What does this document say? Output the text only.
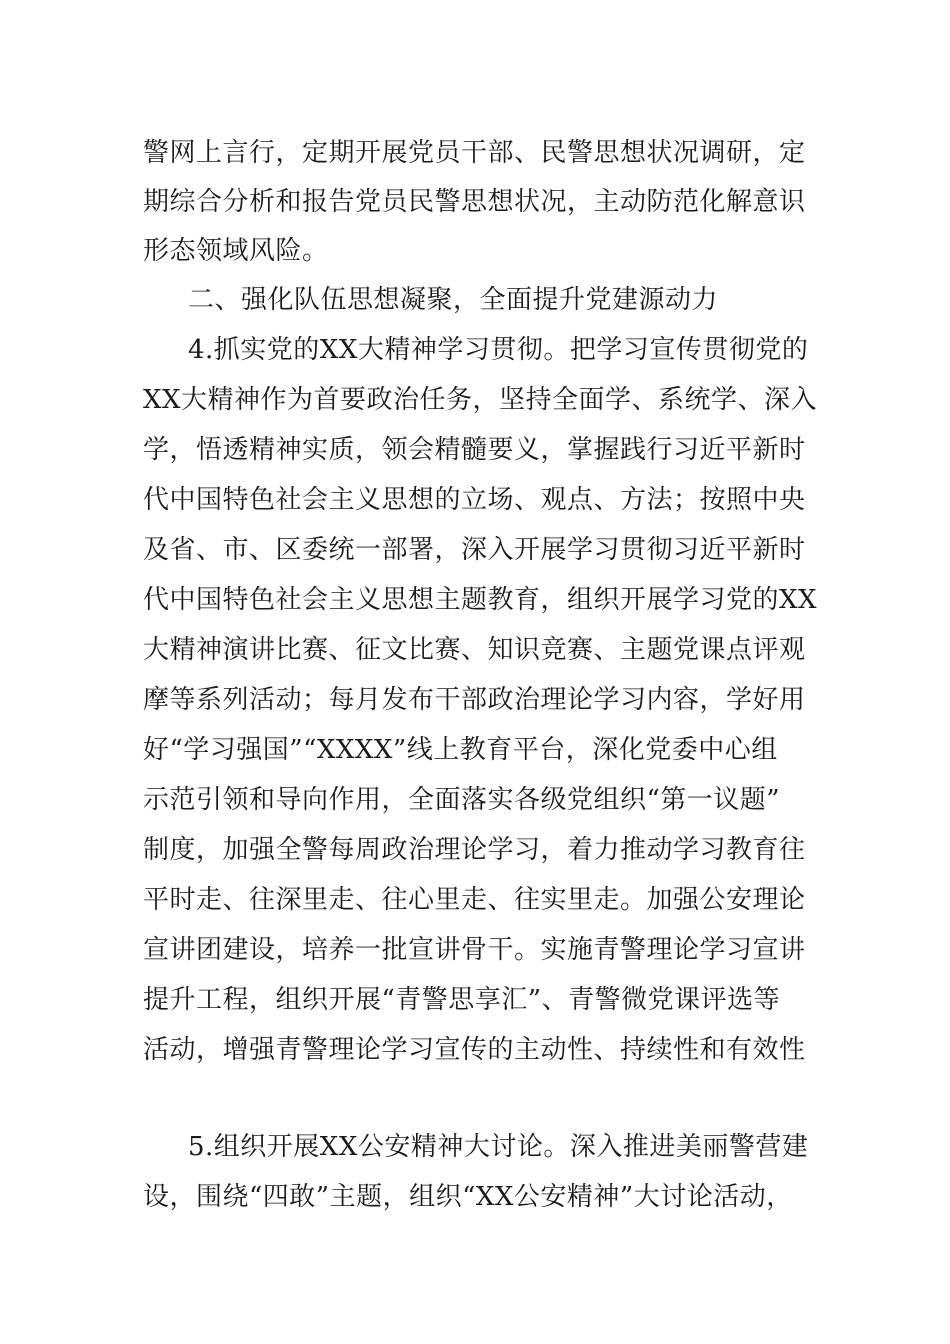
警网上言行，定期开展党员干部、民警思想状况调研，定
期综合分析和报告党员民警思想状况，主动防范化解意识
形态领域风险。
二、强化队伍思想凝聚，全面提升党建源动力
4.抓实党的XX大精神学习贯彻。把学习宣传贯彻党的
XX大精神作为首要政治任务，坚持全面学、系统学、深入
学，悟透精神实质，领会精髓要义，掌握践行习近平新时
代中国特色社会主义思想的立场、观点、方法；按照中央
及省、市、区委统一部署，深入开展学习贯彻习近平新时
代中国特色社会主义思想主题教育，组织开展学习党的XX
大精神演讲比赛、征文比赛、知识竞赛、主题党课点评观
摩等系列活动；每月发布干部政治理论学习内容，学好用
好“学习强国”“XXXX”线上教育平台，深化党委中心组
示范引领和导向作用，全面落实各级党组织“第一议题”
制度，加强全警每周政治理论学习，着力推动学习教育往
平时走、往深里走、往心里走、往实里走。加强公安理论
宣讲团建设，培养一批宣讲骨干。实施青警理论学习宣讲
提升工程，组织开展“青警思享汇”、青警微党课评选等
活动，增强青警理论学习宣传的主动性、持续性和有效性
5.组织开展XX公安精神大讨论。深入推进美丽警营建
设，围绕“四敢”主题，组织“XX公安精神”大讨论活动，
